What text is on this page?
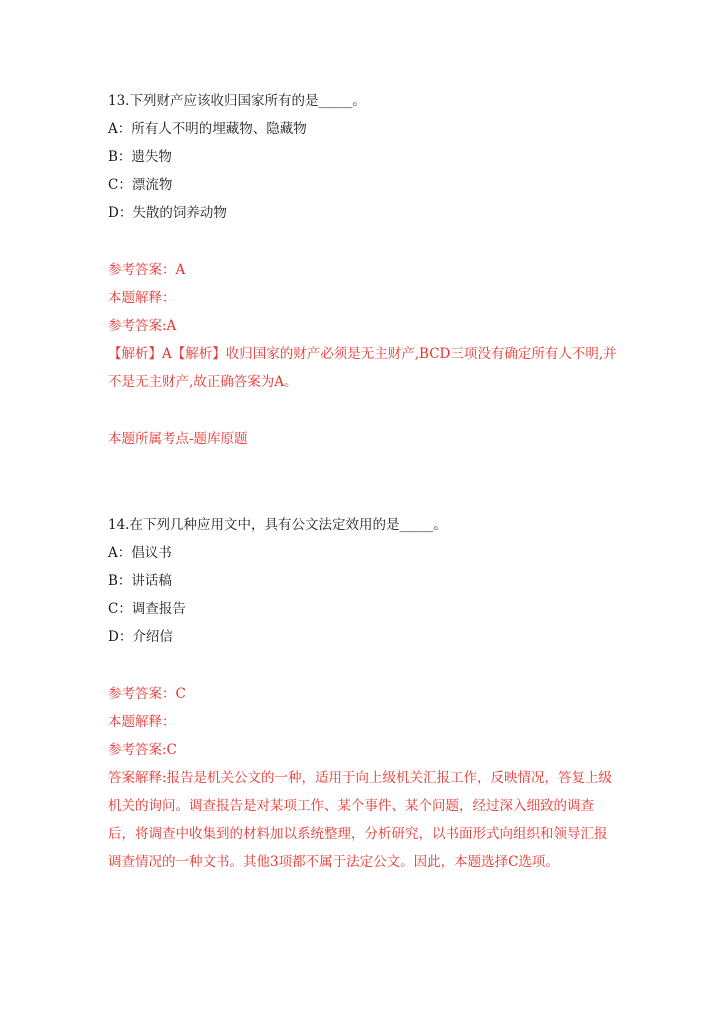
13.下列财产应该收归国家所有的是_____。
A：所有人不明的埋藏物、隐藏物
B：遗失物
C：漂流物
D：失散的饲养动物
参考答案：A
本题解释：
参考答案:A
【解析】A【解析】收归国家的财产必须是无主财产,BCD三项没有确定所有人不明,并不是无主财产,故正确答案为A。
本题所属考点-题库原题
14.在下列几种应用文中，具有公文法定效用的是_____。
A：倡议书
B：讲话稿
C：调查报告
D：介绍信
参考答案：C
本题解释：
参考答案:C
答案解释:报告是机关公文的一种，适用于向上级机关汇报工作，反映情况，答复上级机关的询问。调查报告是对某项工作、某个事件、某个问题，经过深入细致的调查后，将调查中收集到的材料加以系统整理，分析研究，以书面形式向组织和领导汇报调查情况的一种文书。其他3项都不属于法定公文。因此，本题选择C选项。
